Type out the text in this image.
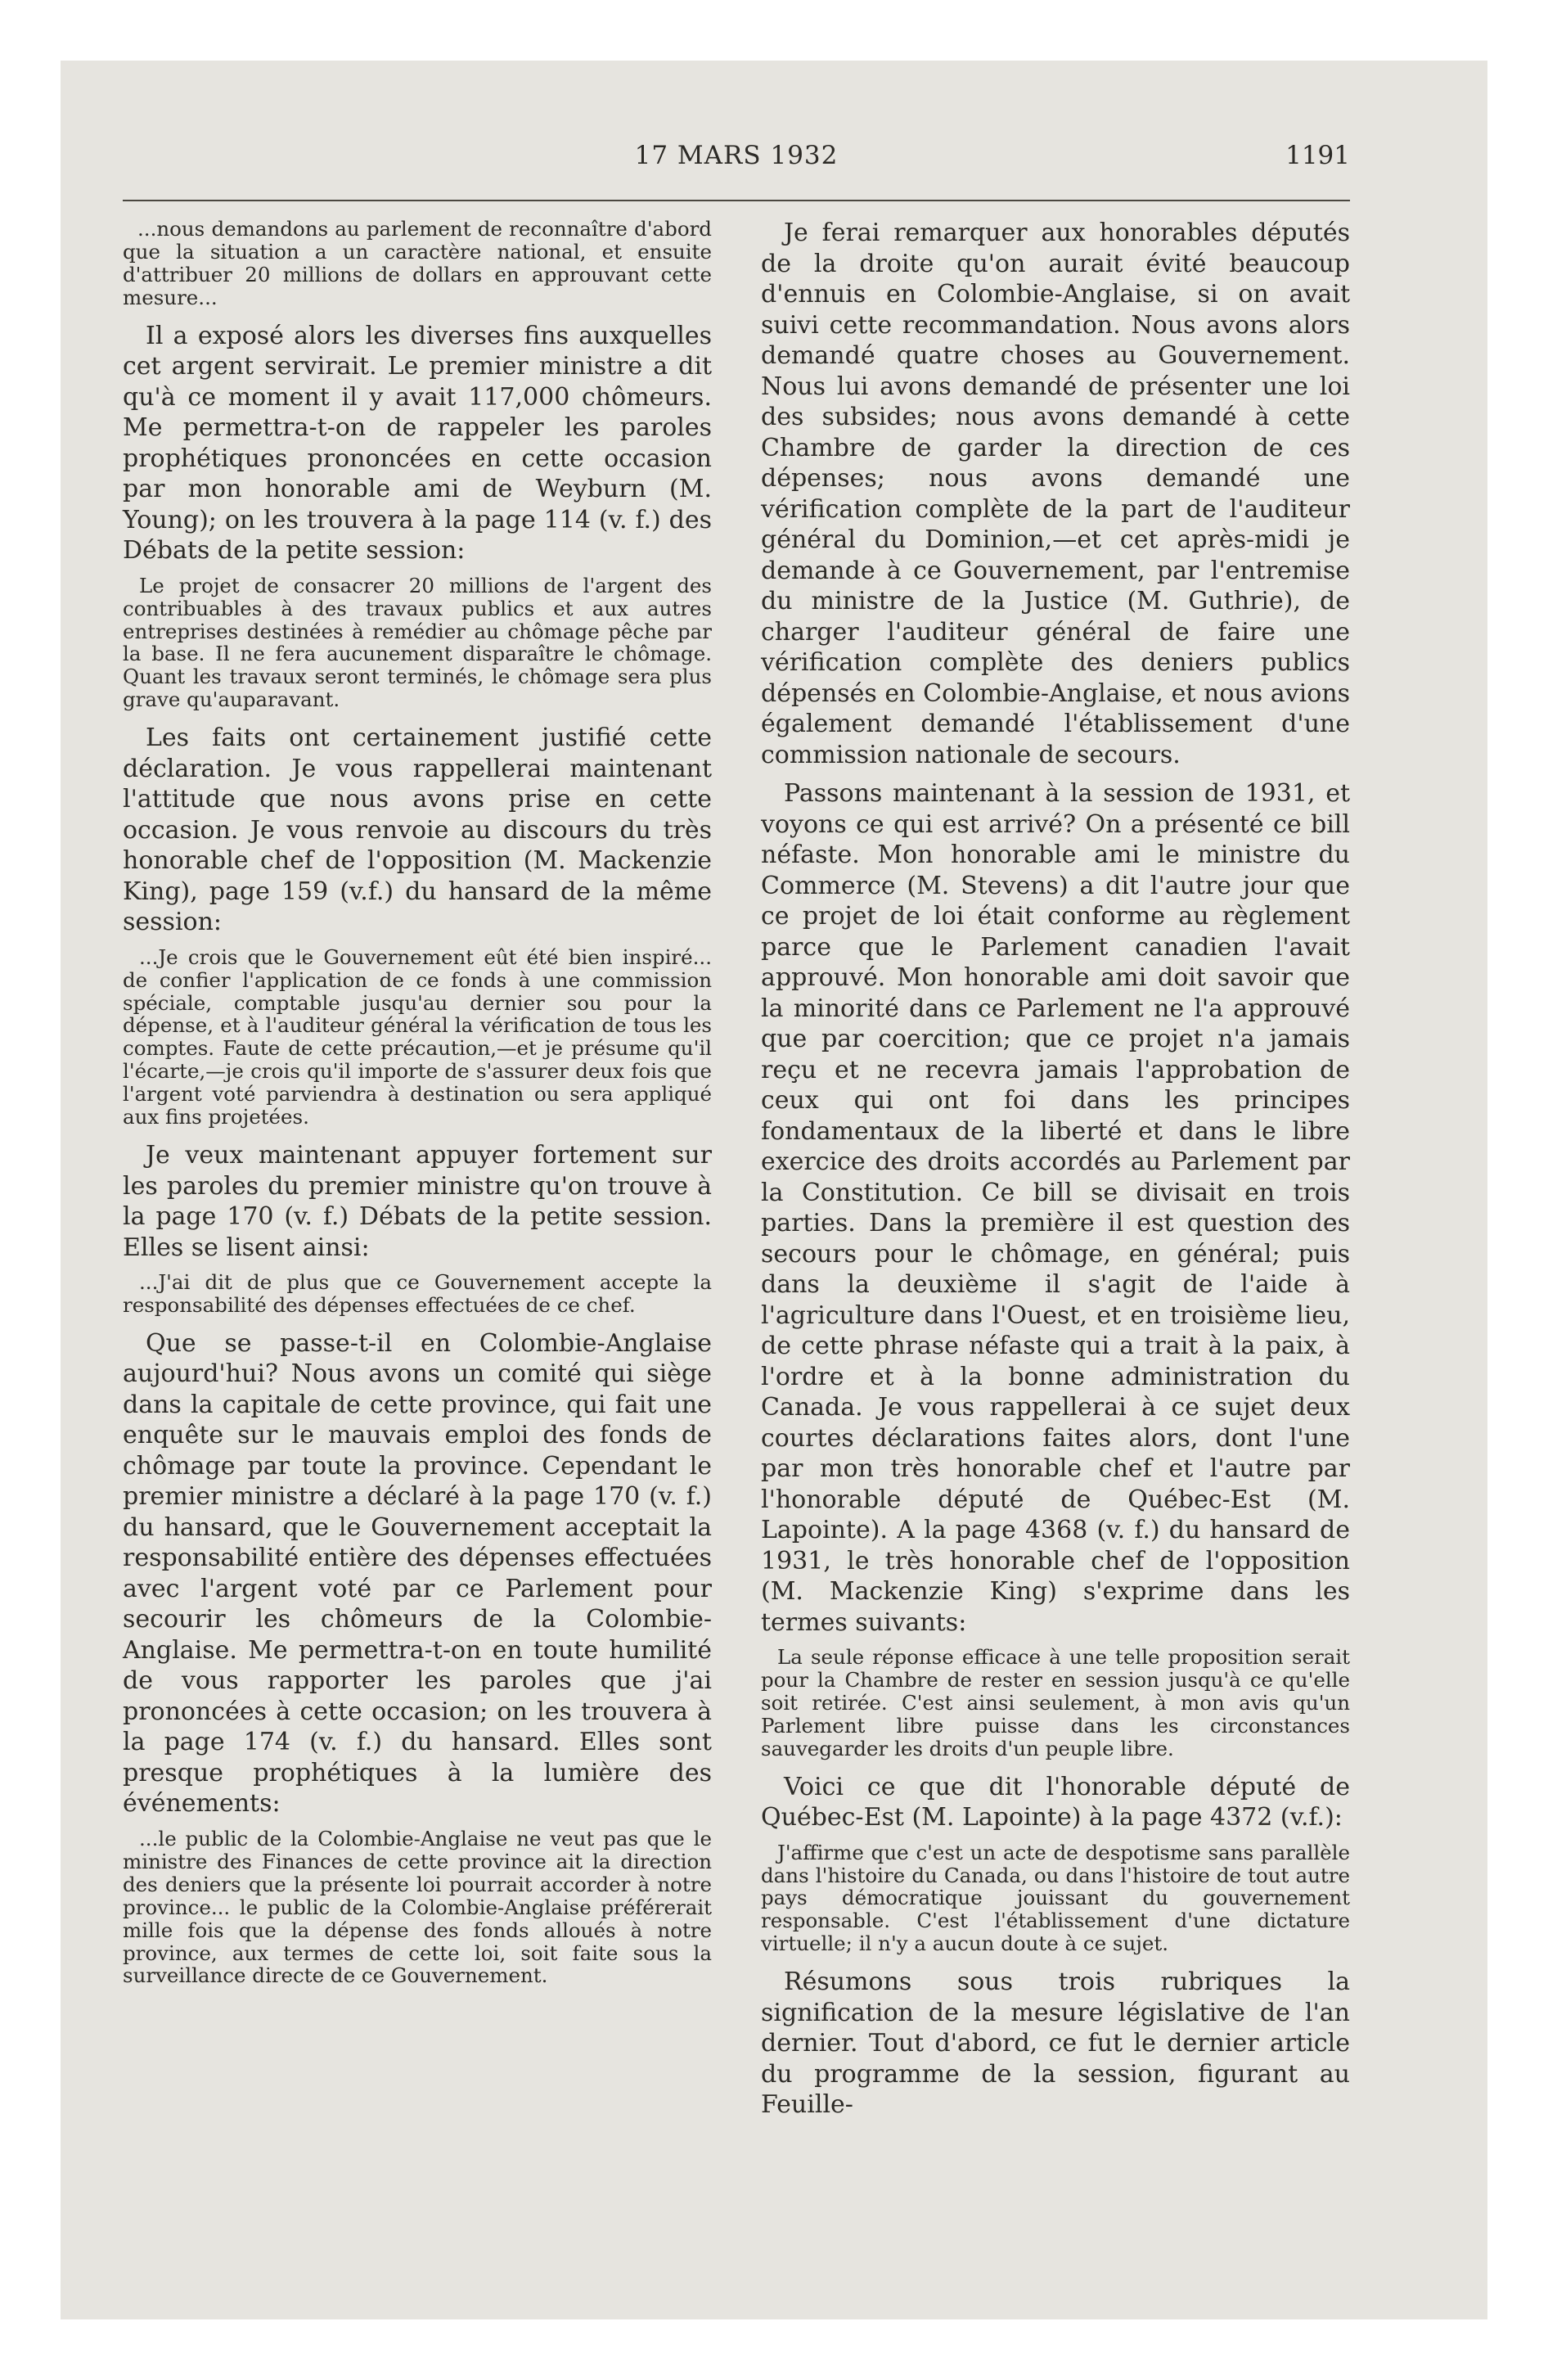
17 MARS 1932	1191

...nous demandons au parlement de reconnaître d'abord que la situation a un caractère national, et ensuite d'attribuer 20 millions de dollars en approuvant cette mesure...

Il a exposé alors les diverses fins auxquelles cet argent servirait. Le premier ministre a dit qu'à ce moment il y avait 117,000 chômeurs. Me permettra-t-on de rappeler les paroles prophétiques prononcées en cette occasion par mon honorable ami de Weyburn (M. Young); on les trouvera à la page 114 (v. f.) des Débats de la petite session:

Le projet de consacrer 20 millions de l'argent des contribuables à des travaux publics et aux autres entreprises destinées à remédier au chômage pêche par la base. Il ne fera aucunement disparaître le chômage. Quant les travaux seront terminés, le chômage sera plus grave qu'auparavant.

Les faits ont certainement justifié cette déclaration. Je vous rappellerai maintenant l'attitude que nous avons prise en cette occasion. Je vous renvoie au discours du très honorable chef de l'opposition (M. Mackenzie King), page 159 (v.f.) du hansard de la même session:

...Je crois que le Gouvernement eût été bien inspiré... de confier l'application de ce fonds à une commission spéciale, comptable jusqu'au dernier sou pour la dépense, et à l'auditeur général la vérification de tous les comptes. Faute de cette précaution,—et je présume qu'il l'écarte,—je crois qu'il importe de s'assurer deux fois que l'argent voté parviendra à destination ou sera appliqué aux fins projetées.

Je veux maintenant appuyer fortement sur les paroles du premier ministre qu'on trouve à la page 170 (v. f.) Débats de la petite session. Elles se lisent ainsi:

...J'ai dit de plus que ce Gouvernement accepte la responsabilité des dépenses effectuées de ce chef.

Que se passe-t-il en Colombie-Anglaise aujourd'hui? Nous avons un comité qui siège dans la capitale de cette province, qui fait une enquête sur le mauvais emploi des fonds de chômage par toute la province. Cependant le premier ministre a déclaré à la page 170 (v. f.) du hansard, que le Gouvernement acceptait la responsabilité entière des dépenses effectuées avec l'argent voté par ce Parlement pour secourir les chômeurs de la Colombie-Anglaise. Me permettra-t-on en toute humilité de vous rapporter les paroles que j'ai prononcées à cette occasion; on les trouvera à la page 174 (v. f.) du hansard. Elles sont presque prophétiques à la lumière des événements:

...le public de la Colombie-Anglaise ne veut pas que le ministre des Finances de cette province ait la direction des deniers que la présente loi pourrait accorder à notre province... le public de la Colombie-Anglaise préférerait mille fois que la dépense des fonds alloués à notre province, aux termes de cette loi, soit faite sous la surveillance directe de ce Gouvernement.

Je ferai remarquer aux honorables députés de la droite qu'on aurait évité beaucoup d'ennuis en Colombie-Anglaise, si on avait suivi cette recommandation. Nous avons alors demandé quatre choses au Gouvernement. Nous lui avons demandé de présenter une loi des subsides; nous avons demandé à cette Chambre de garder la direction de ces dépenses; nous avons demandé une vérification complète de la part de l'auditeur général du Dominion,—et cet après-midi je demande à ce Gouvernement, par l'entremise du ministre de la Justice (M. Guthrie), de charger l'auditeur général de faire une vérification complète des deniers publics dépensés en Colombie-Anglaise, et nous avions également demandé l'établissement d'une commission nationale de secours.

Passons maintenant à la session de 1931, et voyons ce qui est arrivé? On a présenté ce bill néfaste. Mon honorable ami le ministre du Commerce (M. Stevens) a dit l'autre jour que ce projet de loi était conforme au règlement parce que le Parlement canadien l'avait approuvé. Mon honorable ami doit savoir que la minorité dans ce Parlement ne l'a approuvé que par coercition; que ce projet n'a jamais reçu et ne recevra jamais l'approbation de ceux qui ont foi dans les principes fondamentaux de la liberté et dans le libre exercice des droits accordés au Parlement par la Constitution. Ce bill se divisait en trois parties. Dans la première il est question des secours pour le chômage, en général; puis dans la deuxième il s'agit de l'aide à l'agriculture dans l'Ouest, et en troisième lieu, de cette phrase néfaste qui a trait à la paix, à l'ordre et à la bonne administration du Canada. Je vous rappellerai à ce sujet deux courtes déclarations faites alors, dont l'une par mon très honorable chef et l'autre par l'honorable député de Québec-Est (M. Lapointe). A la page 4368 (v. f.) du hansard de 1931, le très honorable chef de l'opposition (M. Mackenzie King) s'exprime dans les termes suivants:

La seule réponse efficace à une telle proposition serait pour la Chambre de rester en session jusqu'à ce qu'elle soit retirée. C'est ainsi seulement, à mon avis qu'un Parlement libre puisse dans les circonstances sauvegarder les droits d'un peuple libre.

Voici ce que dit l'honorable député de Québec-Est (M. Lapointe) à la page 4372 (v.f.):

J'affirme que c'est un acte de despotisme sans parallèle dans l'histoire du Canada, ou dans l'histoire de tout autre pays démocratique jouissant du gouvernement responsable. C'est l'établissement d'une dictature virtuelle; il n'y a aucun doute à ce sujet.

Résumons sous trois rubriques la signification de la mesure législative de l'an dernier. Tout d'abord, ce fut le dernier article du programme de la session, figurant au Feuille-
